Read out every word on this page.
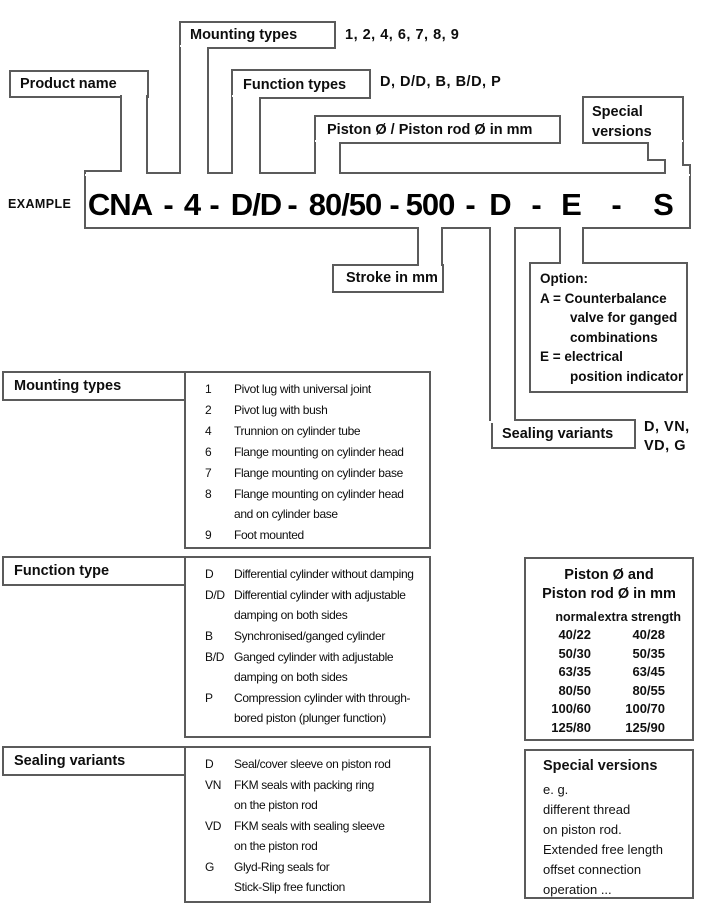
Product name
Mounting types	1, 2, 4, 6, 7, 8, 9
Function types D, D/D, B, B/D, P
Piston Ø / Piston rod Ø in mm
Special
versions
EXAMPLE CNA - 4 - D/D - 80/50 - 500 - D - E - S
Stroke in mm	Option:
A = Counterbalance
valve for ganged
combinations
E = electrical
position indicator
Sealing variants D, VN,
VD, G
Mounting types	1	Pivot lug with universal joint
2	Pivot lug with bush
4	Trunnion on cylinder tube
6	Flange mounting on cylinder head
7	Flange mounting on cylinder base
8	Flange mounting on cylinder head
and on cylinder base
9	Foot mounted
Function type	D	Differential cylinder without damping
D/D Differential cylinder with adjustable
damping on both sides
B	Synchronised/ganged cylinder
B/D Ganged cylinder with adjustable
damping on both sides
P	Compression cylinder with through-
bored piston (plunger function)
Sealing variants	D	Seal/cover sleeve on piston rod
VN	FKM seals with packing ring
on the piston rod
VD	FKM seals with sealing sleeve
on the piston rod
G	Glyd-Ring seals for
Stick-Slip free function
Piston Ø and
Piston rod Ø in mm
normal extra strength
40/22	40/28
50/30	50/35
63/35	63/45
80/50	80/55
100/60	100/70
125/80	125/90
Special versions
e. g.
different thread
on piston rod.
Extended free length
offset connection
operation ...
